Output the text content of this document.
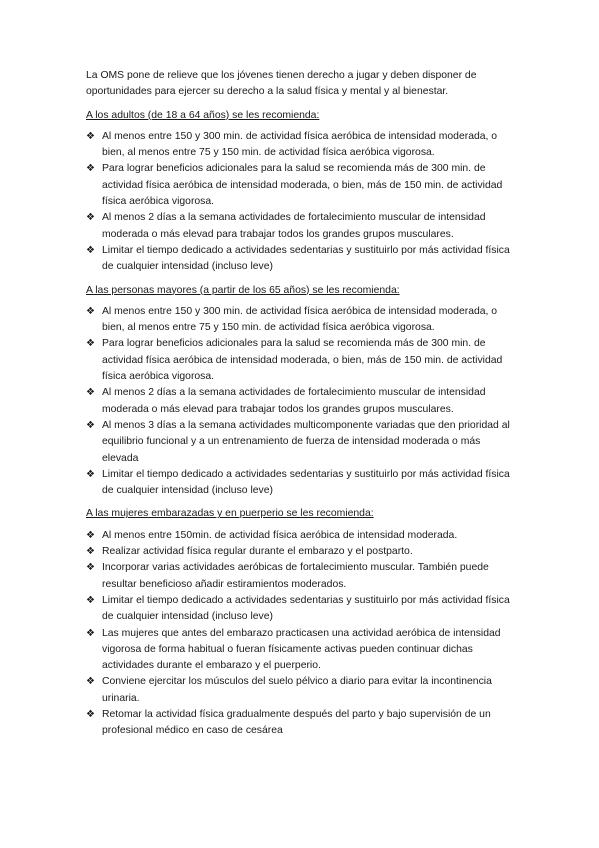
La OMS pone de relieve que los jóvenes tienen derecho a jugar y deben disponer de oportunidades para ejercer su derecho a la salud física y mental y al bienestar.

A los adultos (de 18 a 64 años) se les recomienda:

❖ Al menos entre 150 y 300 min. de actividad física aeróbica de intensidad moderada, o bien, al menos entre 75 y 150 min. de actividad física aeróbica vigorosa.
❖ Para lograr beneficios adicionales para la salud se recomienda más de 300 min. de actividad física aeróbica de intensidad moderada, o bien, más de 150 min. de actividad física aeróbica vigorosa.
❖ Al menos 2 días a la semana actividades de fortalecimiento muscular de intensidad moderada o más elevad para trabajar todos los grandes grupos musculares.
❖ Limitar el tiempo dedicado a actividades sedentarias y sustituirlo por más actividad física de cualquier intensidad (incluso leve)

A las personas mayores (a partir de los 65 años) se les recomienda:

❖ Al menos entre 150 y 300 min. de actividad física aeróbica de intensidad moderada, o bien, al menos entre 75 y 150 min. de actividad física aeróbica vigorosa.
❖ Para lograr beneficios adicionales para la salud se recomienda más de 300 min. de actividad física aeróbica de intensidad moderada, o bien, más de 150 min. de actividad física aeróbica vigorosa.
❖ Al menos 2 días a la semana actividades de fortalecimiento muscular de intensidad moderada o más elevad para trabajar todos los grandes grupos musculares.
❖ Al menos 3 días a la semana actividades multicomponente variadas que den prioridad al equilibrio funcional y a un entrenamiento de fuerza de intensidad moderada o más elevada
❖ Limitar el tiempo dedicado a actividades sedentarias y sustituirlo por más actividad física de cualquier intensidad (incluso leve)

A las mujeres embarazadas y en puerperio se les recomienda:

❖ Al menos entre 150min. de actividad física aeróbica de intensidad moderada.
❖ Realizar actividad física regular durante el embarazo y el postparto.
❖ Incorporar varias actividades aeróbicas de fortalecimiento muscular. También puede resultar beneficioso añadir estiramientos moderados.
❖ Limitar el tiempo dedicado a actividades sedentarias y sustituirlo por más actividad física de cualquier intensidad (incluso leve)
❖ Las mujeres que antes del embarazo practicasen una actividad aeróbica de intensidad vigorosa de forma habitual o fueran físicamente activas pueden continuar dichas actividades durante el embarazo y el puerperio.
❖ Conviene ejercitar los músculos del suelo pélvico a diario para evitar la incontinencia urinaria.
❖ Retomar la actividad física gradualmente después del parto y bajo supervisión de un profesional médico en caso de cesárea
